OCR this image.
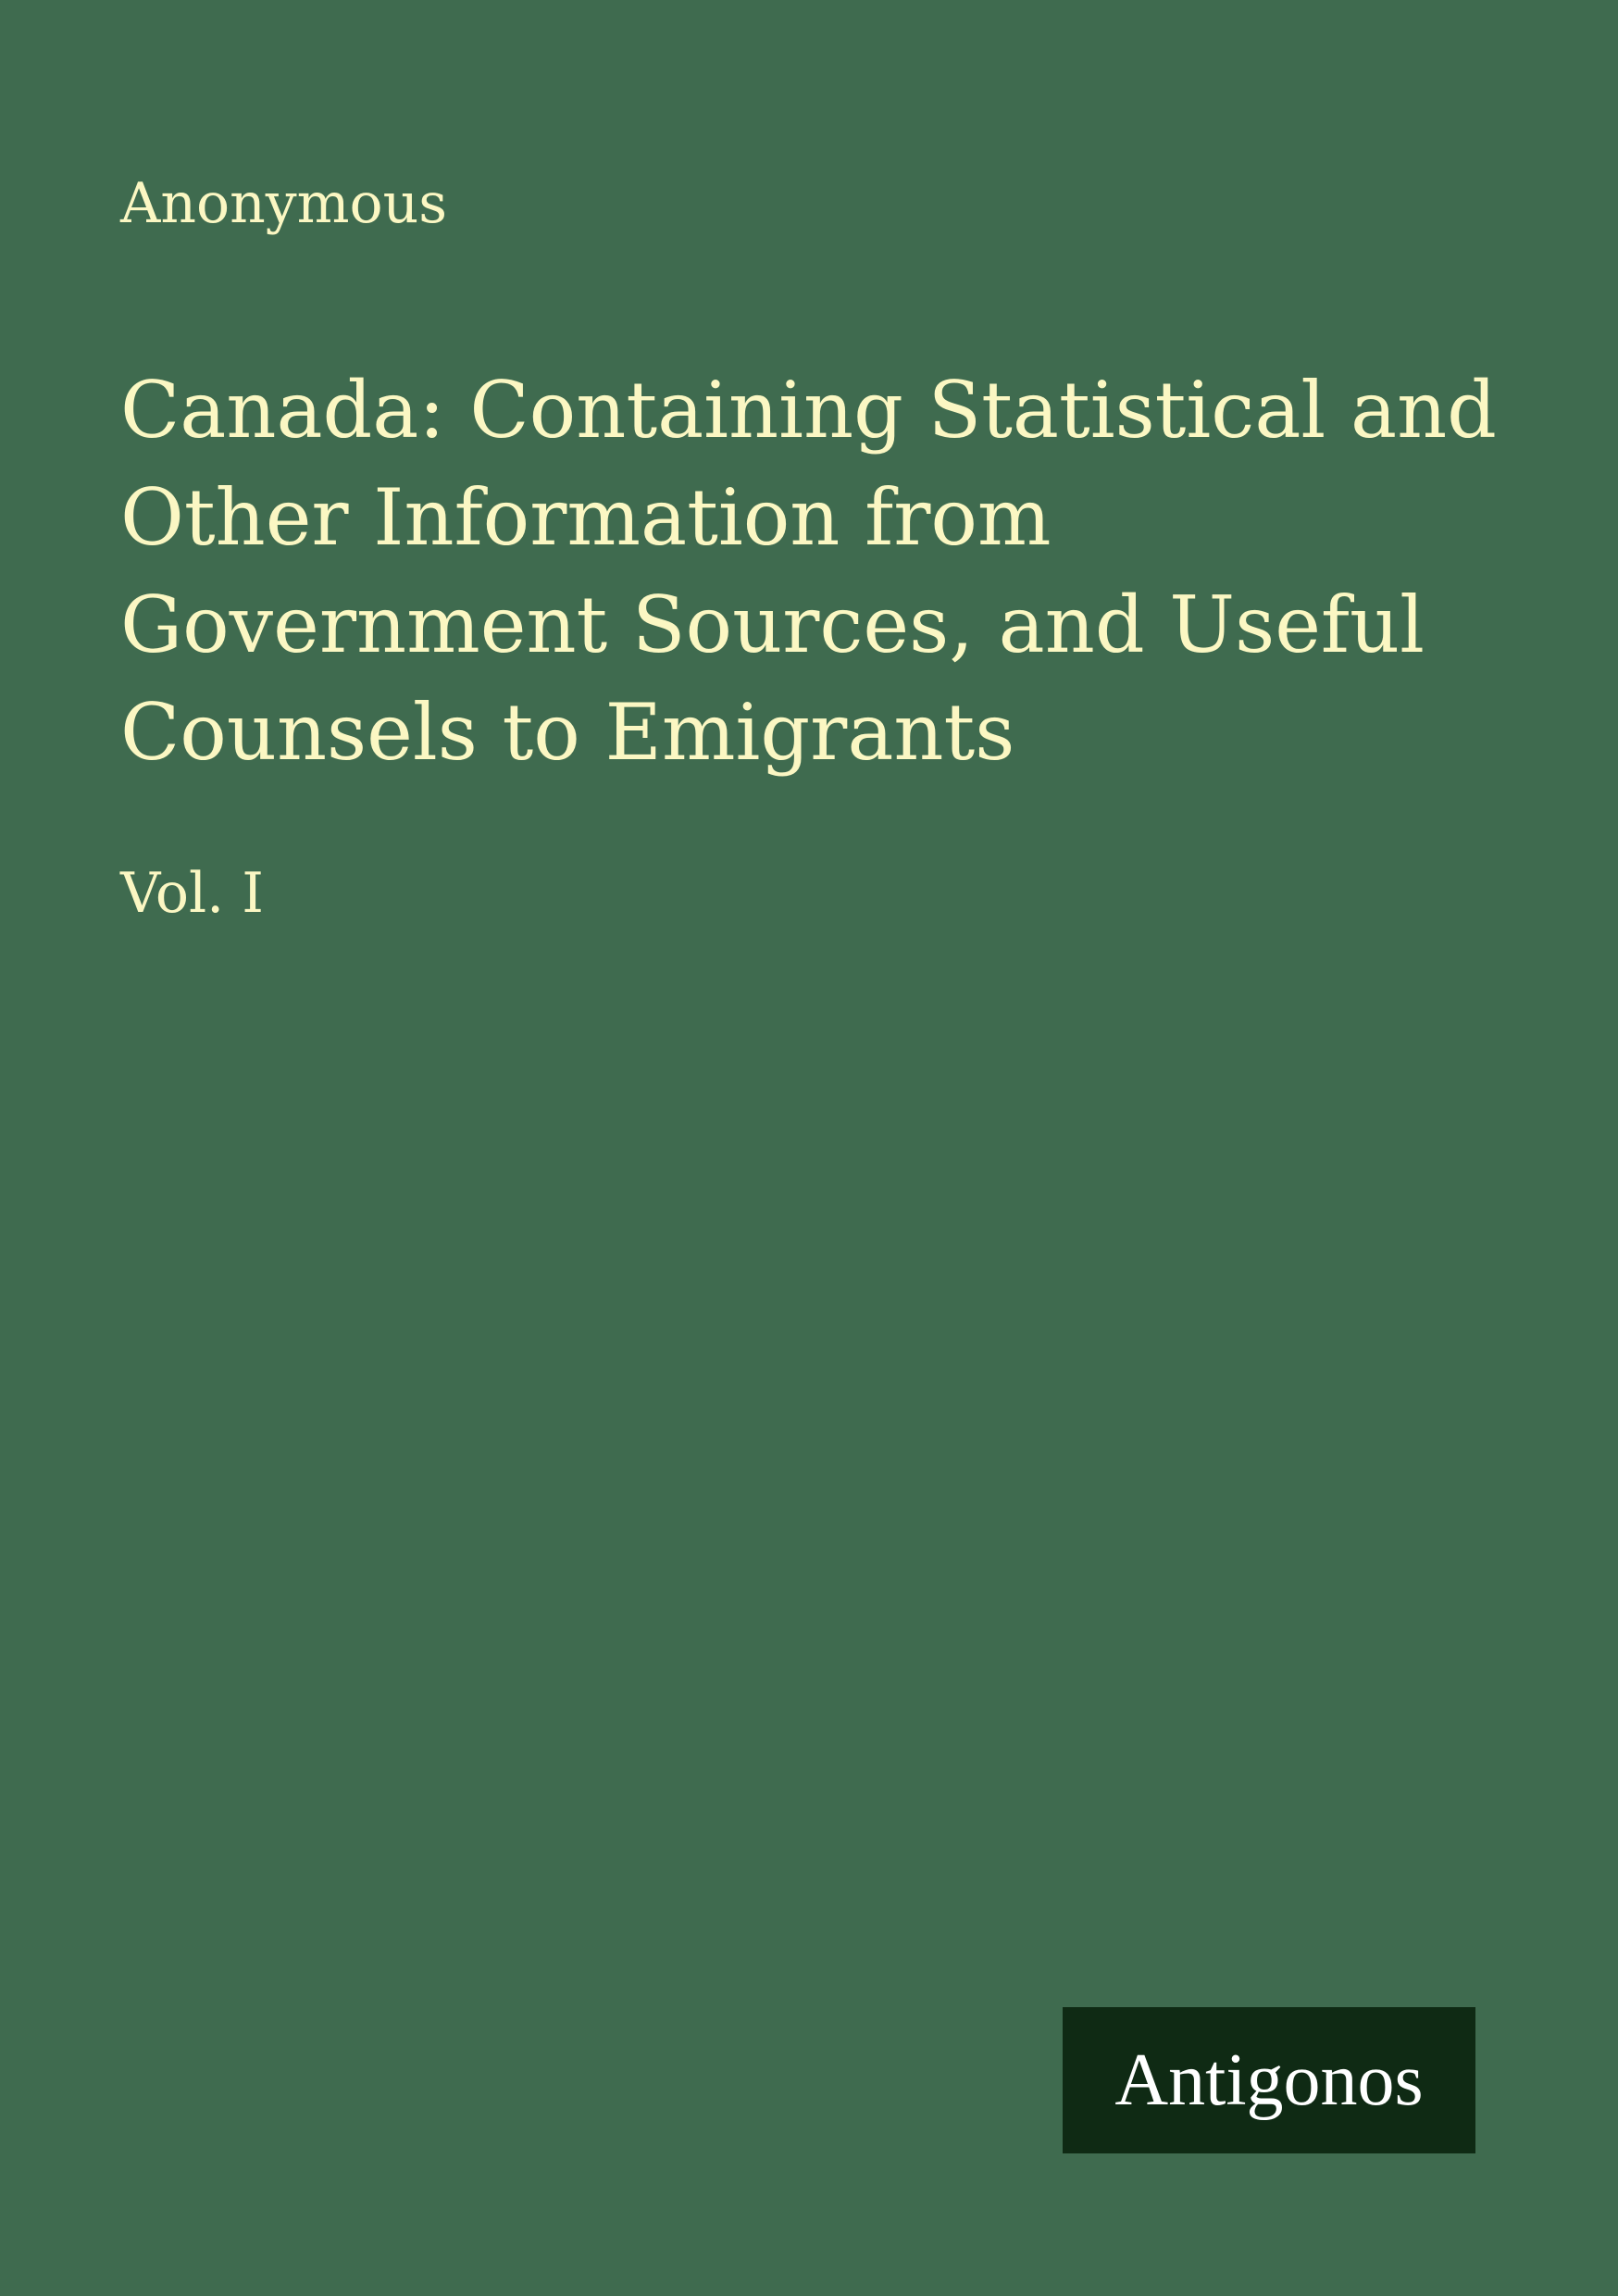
Anonymous
Canada: Containing Statistical and Other Information from Government Sources, and Useful Counsels to Emigrants
Vol. I
Antigonos
